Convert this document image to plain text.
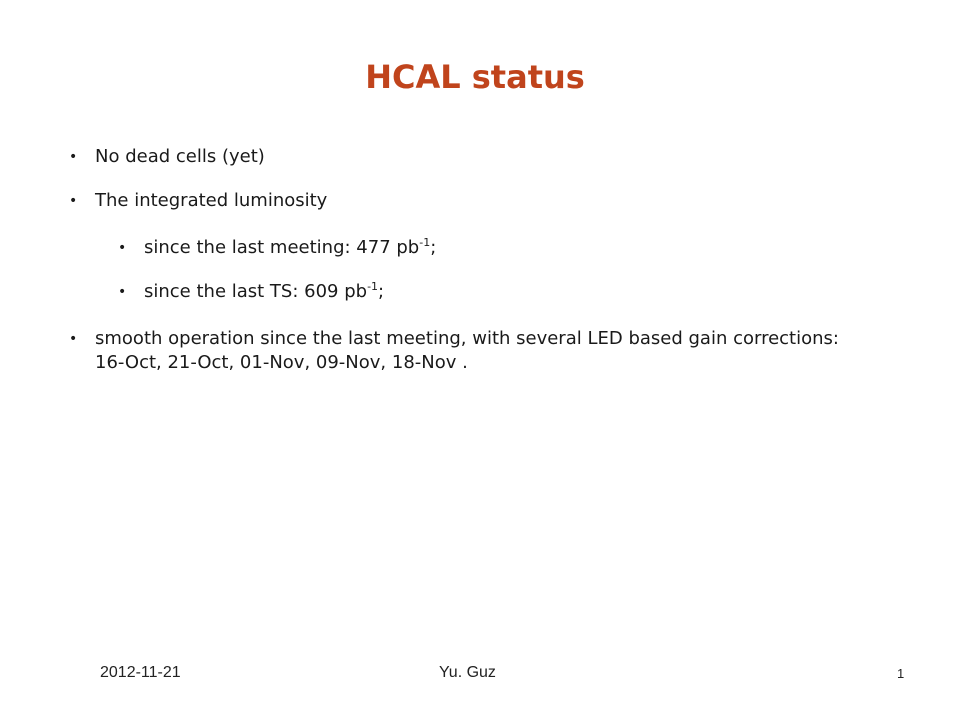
HCAL status
• No dead cells (yet)
• The integrated luminosity
• since the last meeting: 477 $pb^{-1}$;
• since the last TS: 609 $pb^{-1}$;
• smooth operation since the last meeting, with several LED based gain corrections:
16-Oct, 21-Oct, 01-Nov, 09-Nov, 18-Nov .
2012-11-21	Yu. Guz	1
